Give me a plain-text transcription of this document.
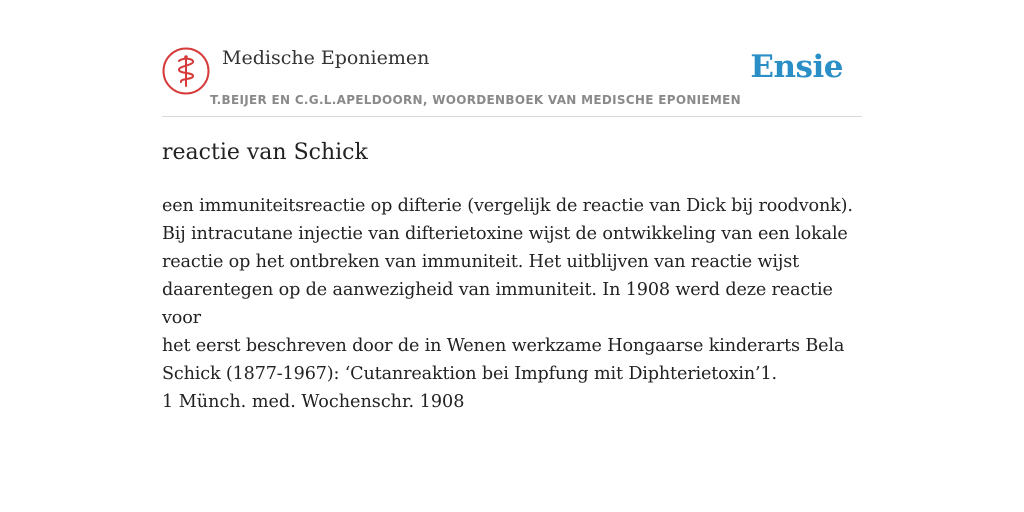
Medische Eponiemen
T.BEIJER EN C.G.L.APELDOORN, WOORDENBOEK VAN MEDISCHE EPONIEMEN
Ensie
reactie van Schick

een immuniteitsreactie op difterie (vergelijk de reactie van Dick bij roodvonk).
Bij intracutane injectie van difterietoxine wijst de ontwikkeling van een lokale
reactie op het ontbreken van immuniteit. Het uitblijven van reactie wijst
daarentegen op de aanwezigheid van immuniteit. In 1908 werd deze reactie voor
het eerst beschreven door de in Wenen werkzame Hongaarse kinderarts Bela
Schick (1877-1967): ‘Cutanreaktion bei Impfung mit Diphterietoxin’1.

1 Münch. med. Wochenschr. 1908
